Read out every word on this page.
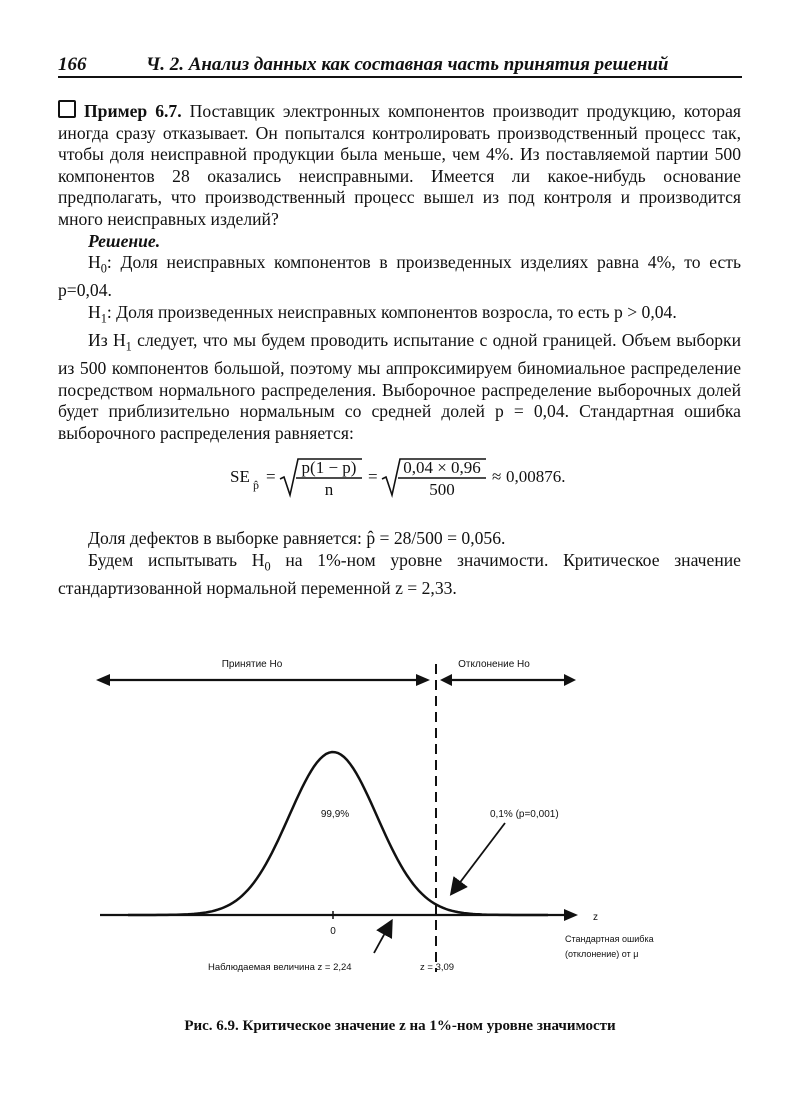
166	Ч. 2. Анализ данных как составная часть принятия решений

Пример 6.7. Поставщик электронных компонентов производит продукцию, которая иногда сразу отказывает. Он попытался контролировать производственный процесс так, чтобы доля неисправной продукции была меньше, чем 4%. Из поставляемой партии 500 компонентов 28 оказались неисправными. Имеется ли какое-нибудь основание предполагать, что производственный процесс вышел из под контроля и производится много неисправных изделий?

Решение.

$H_0$: Доля неисправных компонентов в произведенных изделиях равна 4%, то есть p=0,04.

$H_1$: Доля произведенных неисправных компонентов возросла, то есть p > 0,04.

Из $H_1$ следует, что мы будем проводить испытание с одной границей. Объем выборки из 500 компонентов большой, поэтому мы аппроксимируем биномиальное распределение посредством нормального распределения. Выборочное распределение выборочных долей будет приблизительно нормальным со средней долей p = 0,04. Стандартная ошибка выборочного распределения равняется:

SE p̂ = p(1 − p)
n
= 0,04 × 0,96
500
≈ 0,00876.

Доля дефектов в выборке равняется: p̂ = 28/500 = 0,056.

Будем испытывать $H_0$ на 1%-ном уровне значимости. Критическое значение стандартизованной нормальной переменной z = 2,33.

Принятие Ho	Отклонение Ho
0
z
Стандартная ошибка
(отклонение) от μ
99,9%	0,1% (p=0,001)
Наблюдаемая величина z = 2,24	z = 3,09
Рис. 6.9. Критическое значение z на 1%-ном уровне значимости
